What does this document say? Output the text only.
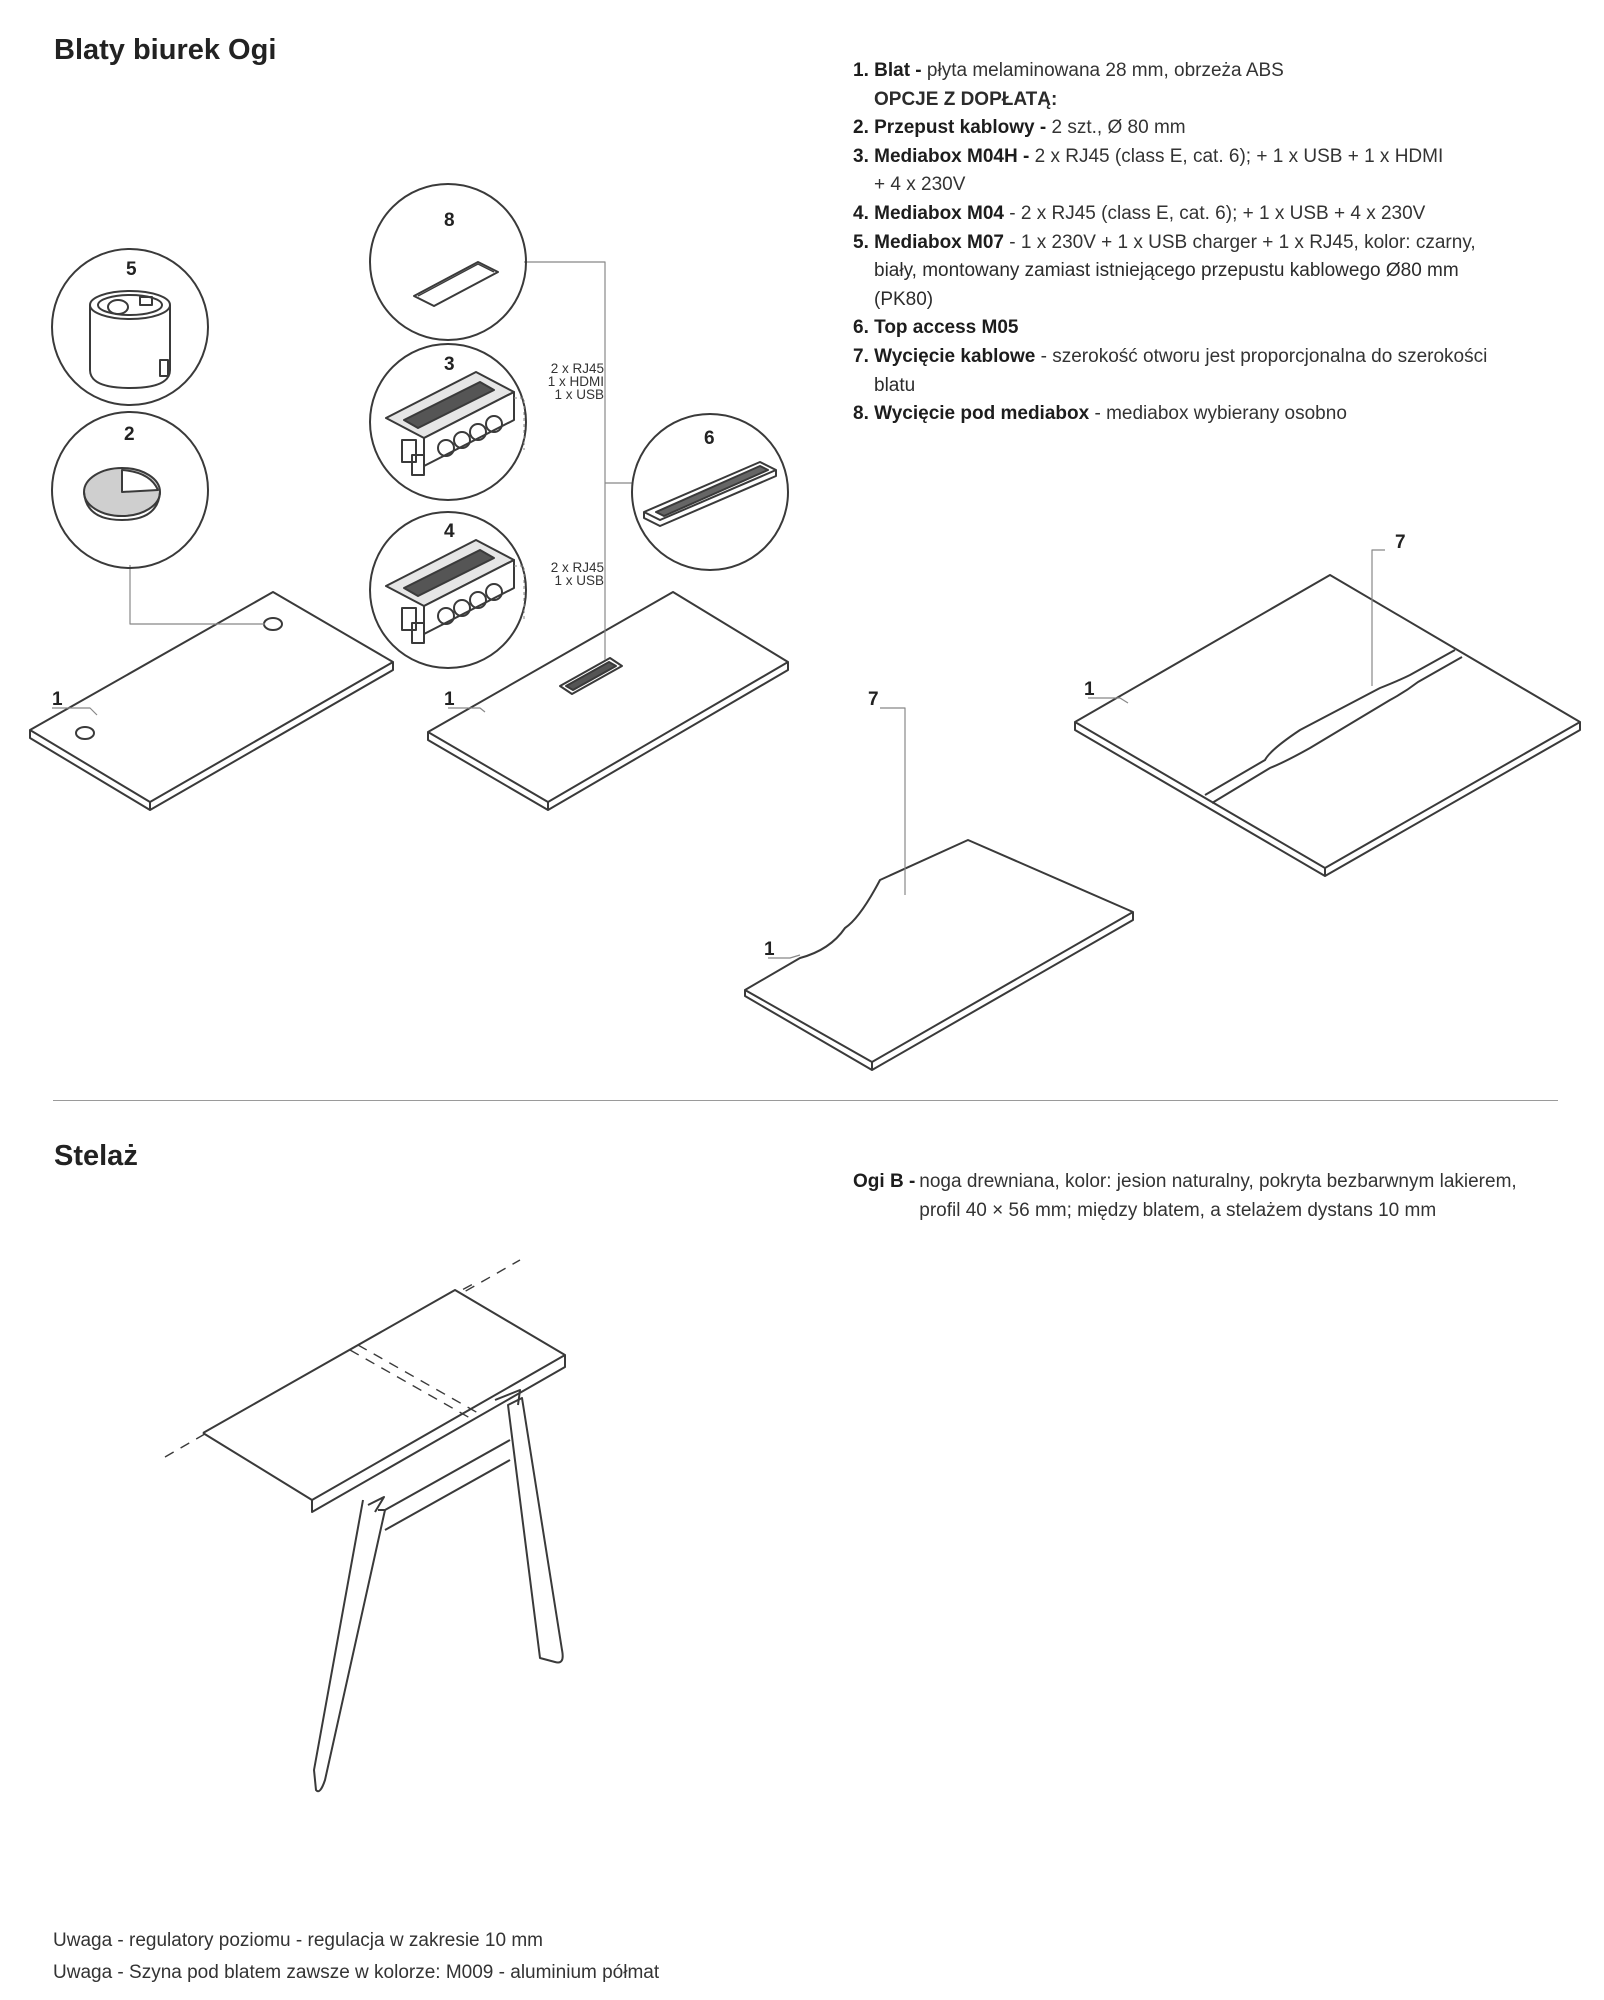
Blaty biurek Ogi
Stelaż

1. Blat - płyta melaminowana 28 mm, obrzeża ABS

OPCJE Z DOPŁATĄ:

2. Przepust kablowy - 2 szt., Ø 80 mm

3. Mediabox M04H - 2 x RJ45 (class E, cat. 6); + 1 x USB + 1 x HDMI

+ 4 x 230V

4. Mediabox M04 - 2 x RJ45 (class E, cat. 6); + 1 x USB + 4 x 230V

5. Mediabox M07 - 1 x 230V + 1 x USB charger + 1 x RJ45, kolor: czarny,

biały, montowany zamiast istniejącego przepustu kablowego Ø80 mm

(PK80)

6. Top access M05

7. Wycięcie kablowe - szerokość otworu jest proporcjonalna do szerokości

blatu

8. Wycięcie pod mediabox - mediabox wybierany osobno

Ogi B - noga drewniana, kolor: jesion naturalny, pokryta bezbarwnym lakierem, profil 40 × 56 mm; między blatem, a stelażem dystans 10 mm

Uwaga - regulatory poziomu - regulacja w zakresie 10 mm

Uwaga - Szyna pod blatem zawsze w kolorze: M009 - aluminium półmat

1	1
1
1
2
3
4
5
6
7
7
8
2 x RJ45
1 x HDMI
1 x USB
2 x RJ45
1 x USB
